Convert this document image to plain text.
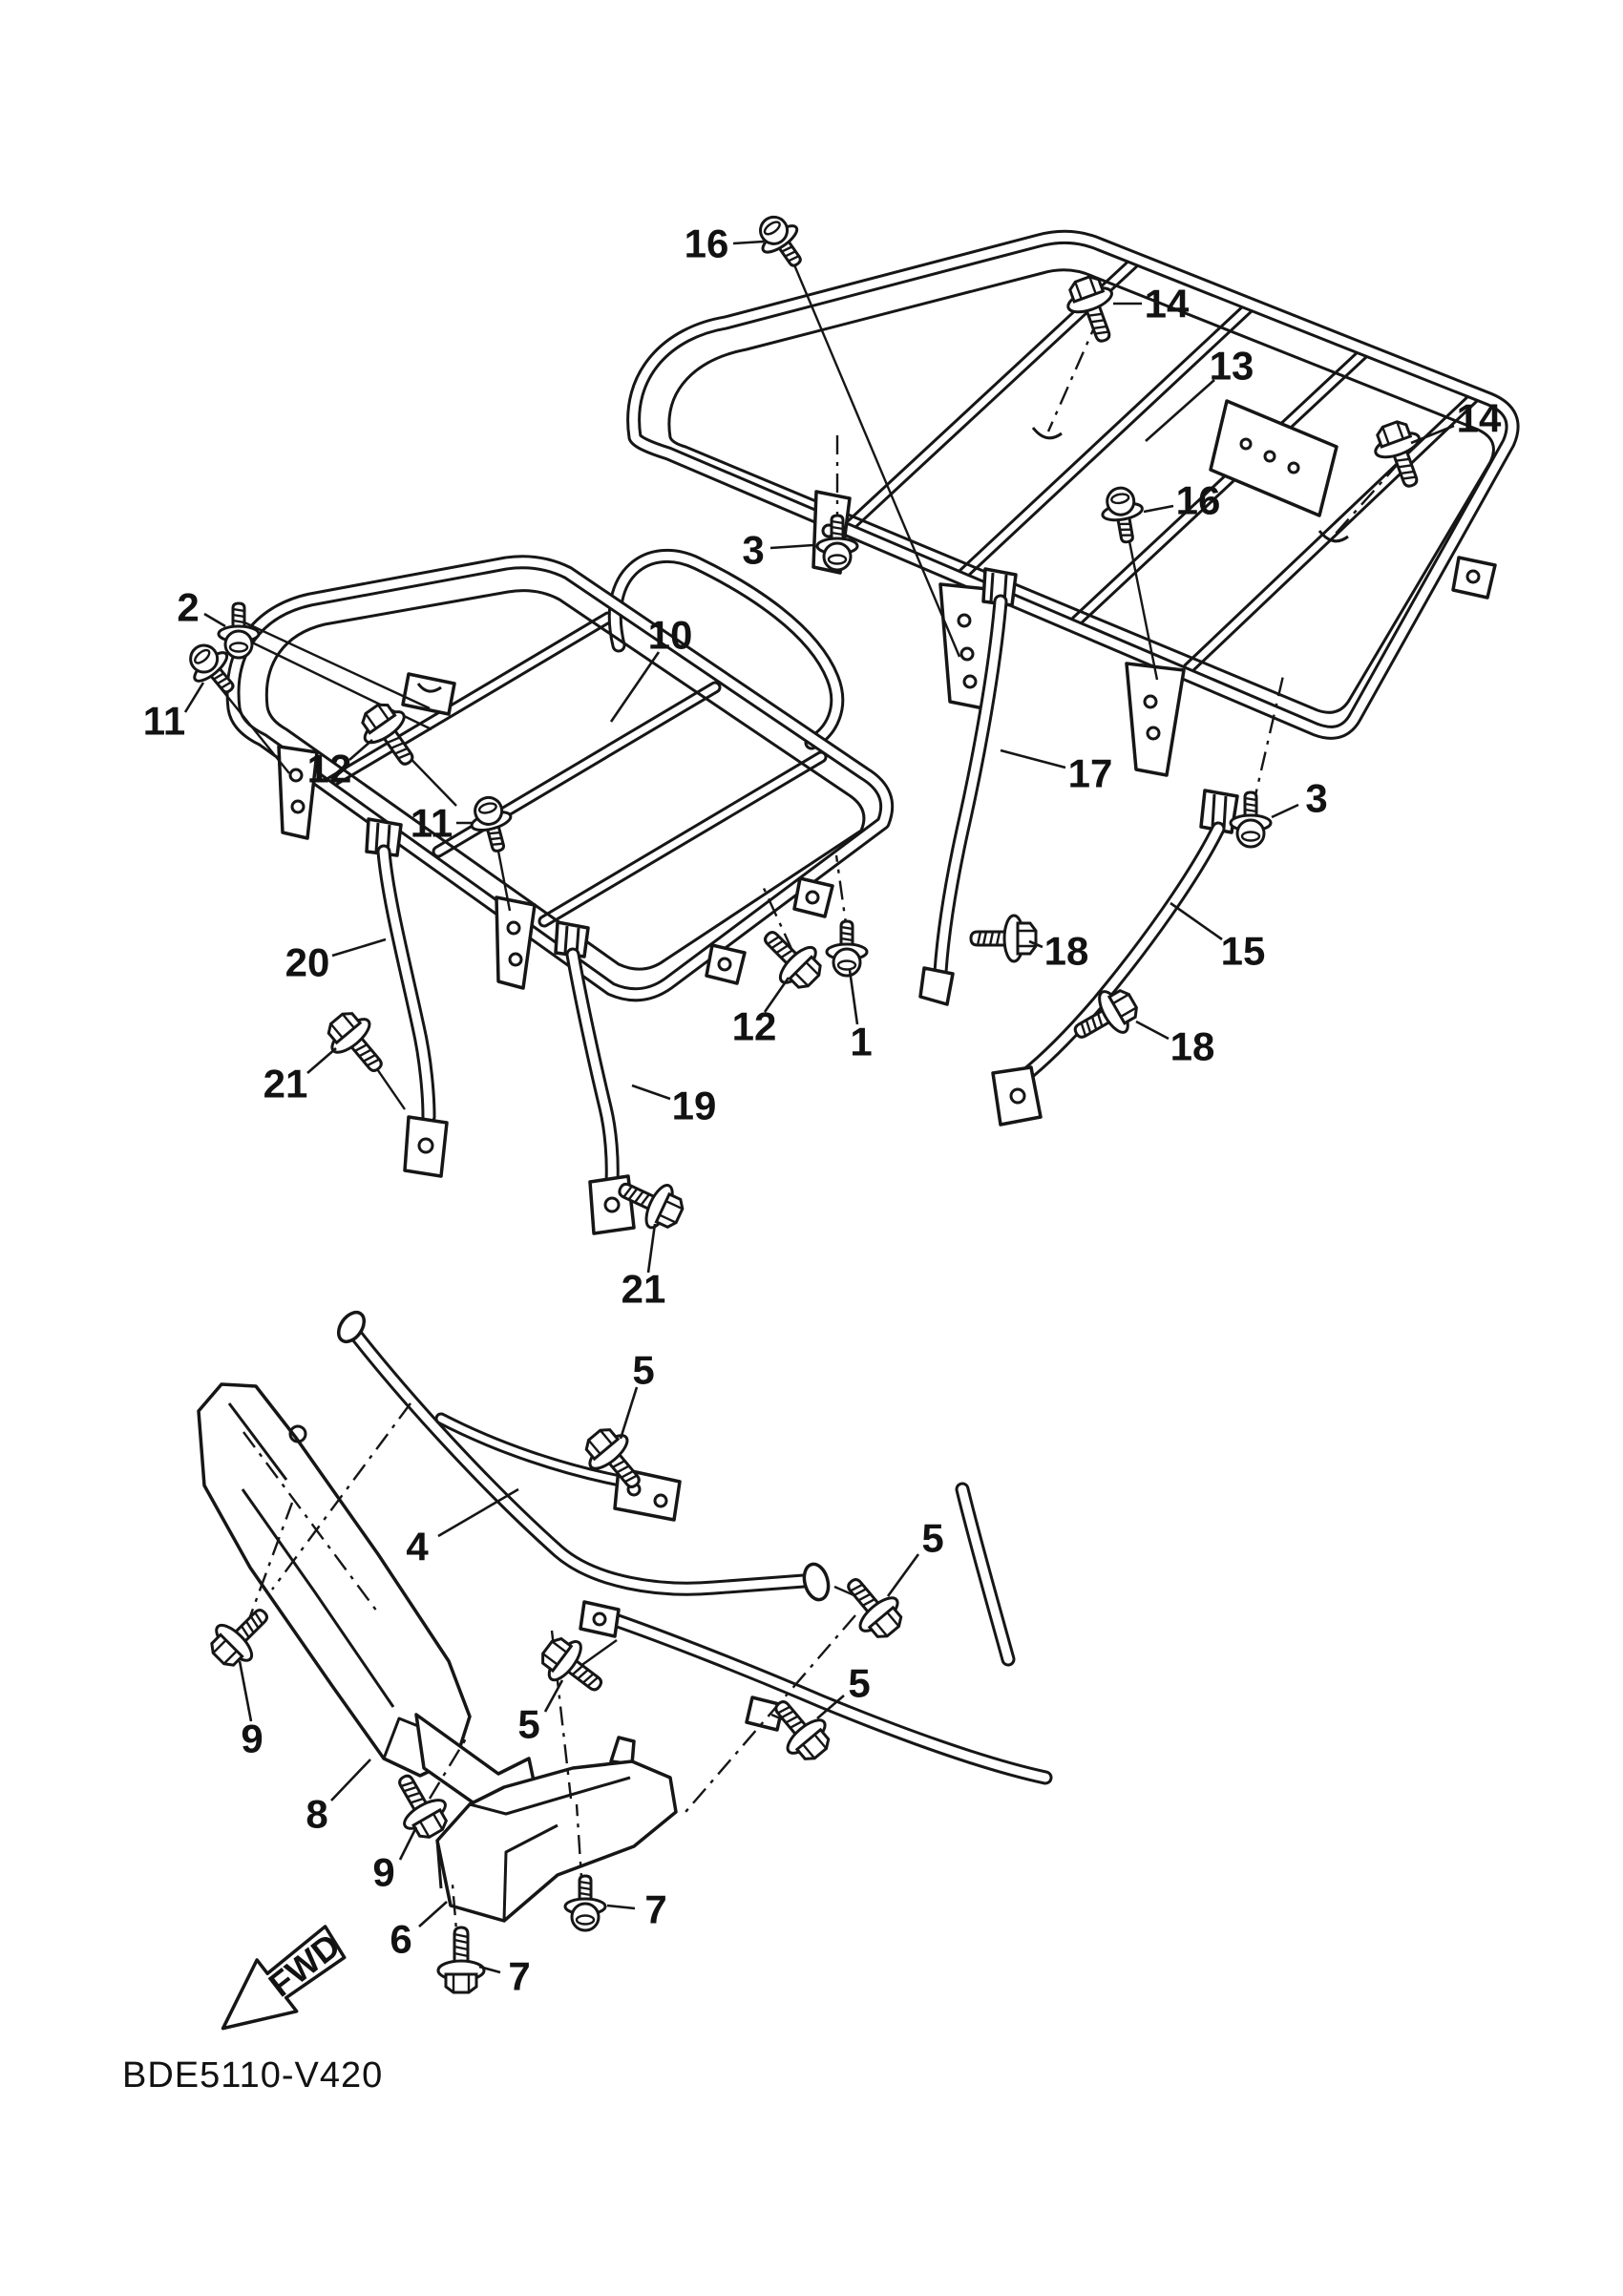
FWD
BDE5110-V420
16
14
13
14
16
3
3
17
18	15
18
2
11
10
12
11
20
21	19
12 1
21
5
4	5
5
5
9
8
9
6
7
7
